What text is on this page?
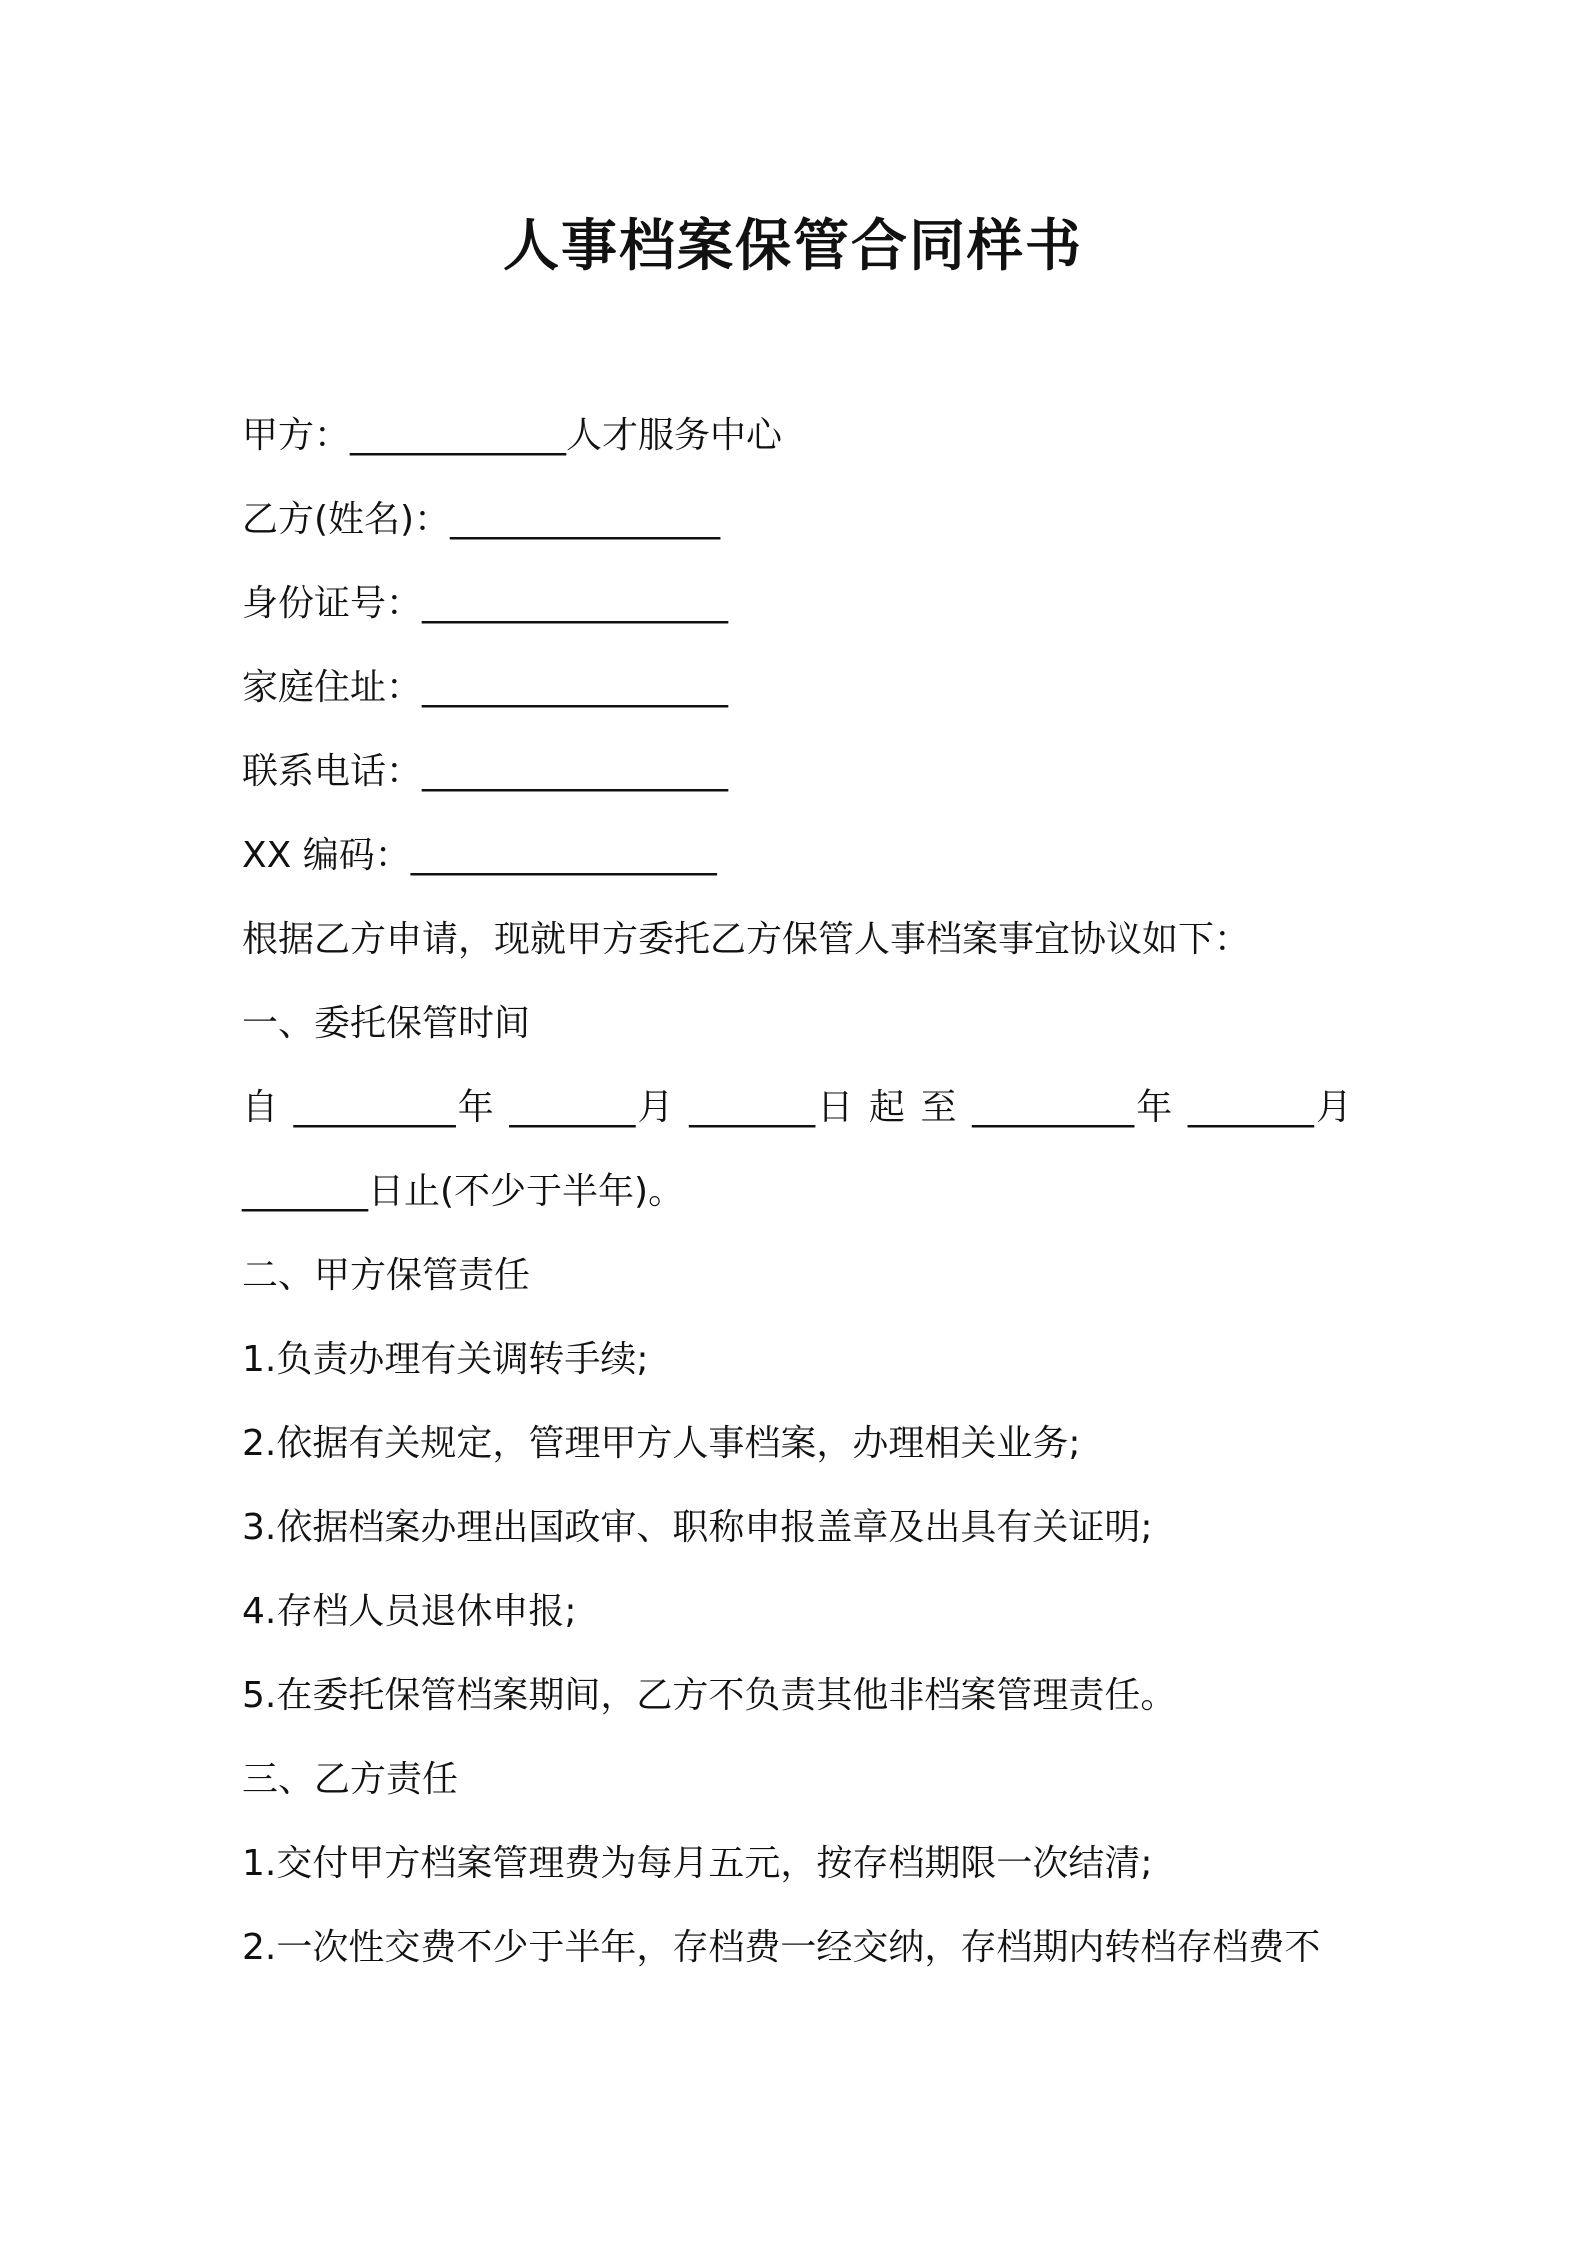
人事档案保管合同样书

甲方：____________人才服务中心

乙方(姓名)：_______________

身份证号：_________________

家庭住址：_________________

联系电话：_________________

XX 编码：_________________

根据乙方申请，现就甲方委托乙方保管人事档案事宜协议如下：

一、委托保管时间

自 _________年 _______月 _______日 起 至 _________年 _______月

_______日止(不少于半年)。

二、甲方保管责任

1.负责办理有关调转手续;

2.依据有关规定，管理甲方人事档案，办理相关业务;

3.依据档案办理出国政审、职称申报盖章及出具有关证明;

4.存档人员退休申报;

5.在委托保管档案期间，乙方不负责其他非档案管理责任。

三、乙方责任

1.交付甲方档案管理费为每月五元，按存档期限一次结清;

2.一次性交费不少于半年，存档费一经交纳，存档期内转档存档费不
